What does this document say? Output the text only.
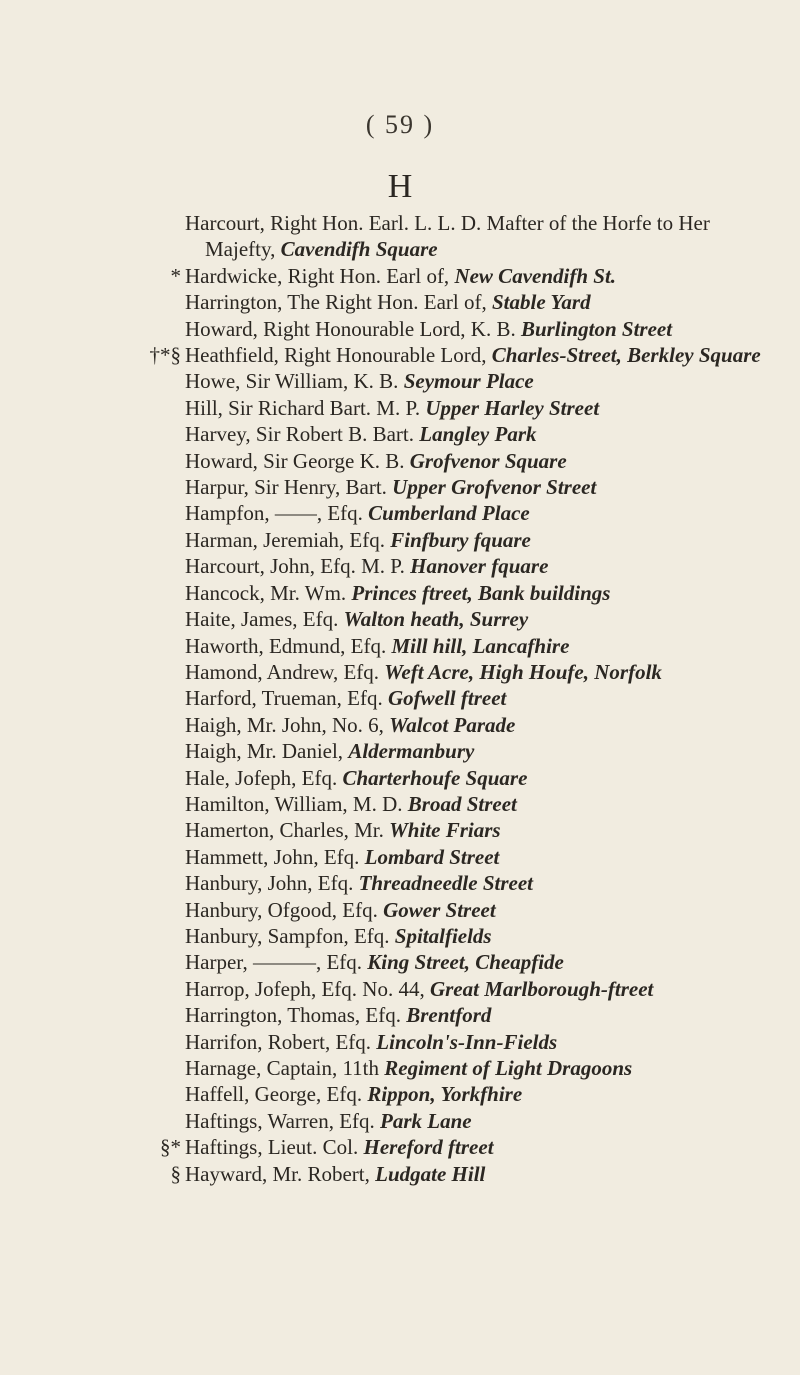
( 59 )
H
Harcourt, Right Hon. Earl. L. L. D. Mafter of the Horfe to Her Majefty, Cavendifh Square
* Hardwicke, Right Hon. Earl of, New Cavendifh St.
Harrington, The Right Hon. Earl of, Stable Yard
Howard, Right Honourable Lord, K. B. Burlington Street
†*§ Heathfield, Right Honourable Lord, Charles-Street, Berkley Square
Howe, Sir William, K. B. Seymour Place
Hill, Sir Richard Bart. M. P. Upper Harley Street
Harvey, Sir Robert B. Bart. Langley Park
Howard, Sir George K. B. Grofvenor Square
Harpur, Sir Henry, Bart. Upper Grofvenor Street
Hampfon, ——, Efq. Cumberland Place
Harman, Jeremiah, Efq. Finfbury fquare
Harcourt, John, Efq. M. P. Hanover fquare
Hancock, Mr. Wm. Princes ftreet, Bank buildings
Haite, James, Efq. Walton heath, Surrey
Haworth, Edmund, Efq. Mill hill, Lancafhire
Hamond, Andrew, Efq. Weft Acre, High Houfe, Norfolk
Harford, Trueman, Efq. Gofwell ftreet
Haigh, Mr. John, No. 6, Walcot Parade
Haigh, Mr. Daniel, Aldermanbury
Hale, Jofeph, Efq. Charterhoufe Square
Hamilton, William, M. D. Broad Street
Hamerton, Charles, Mr. White Friars
Hammett, John, Efq. Lombard Street
Hanbury, John, Efq. Threadneedle Street
Hanbury, Ofgood, Efq. Gower Street
Hanbury, Sampfon, Efq. Spitalfields
Harper, ———, Efq. King Street, Cheapfide
Harrop, Jofeph, Efq. No. 44, Great Marlborough-ftreet
Harrington, Thomas, Efq. Brentford
Harrifon, Robert, Efq. Lincoln's-Inn-Fields
Harnage, Captain, 11th Regiment of Light Dragoons
Haffell, George, Efq. Rippon, Yorkfhire
Haftings, Warren, Efq. Park Lane
§* Haftings, Lieut. Col. Hereford ftreet
§ Hayward, Mr. Robert, Ludgate Hill
